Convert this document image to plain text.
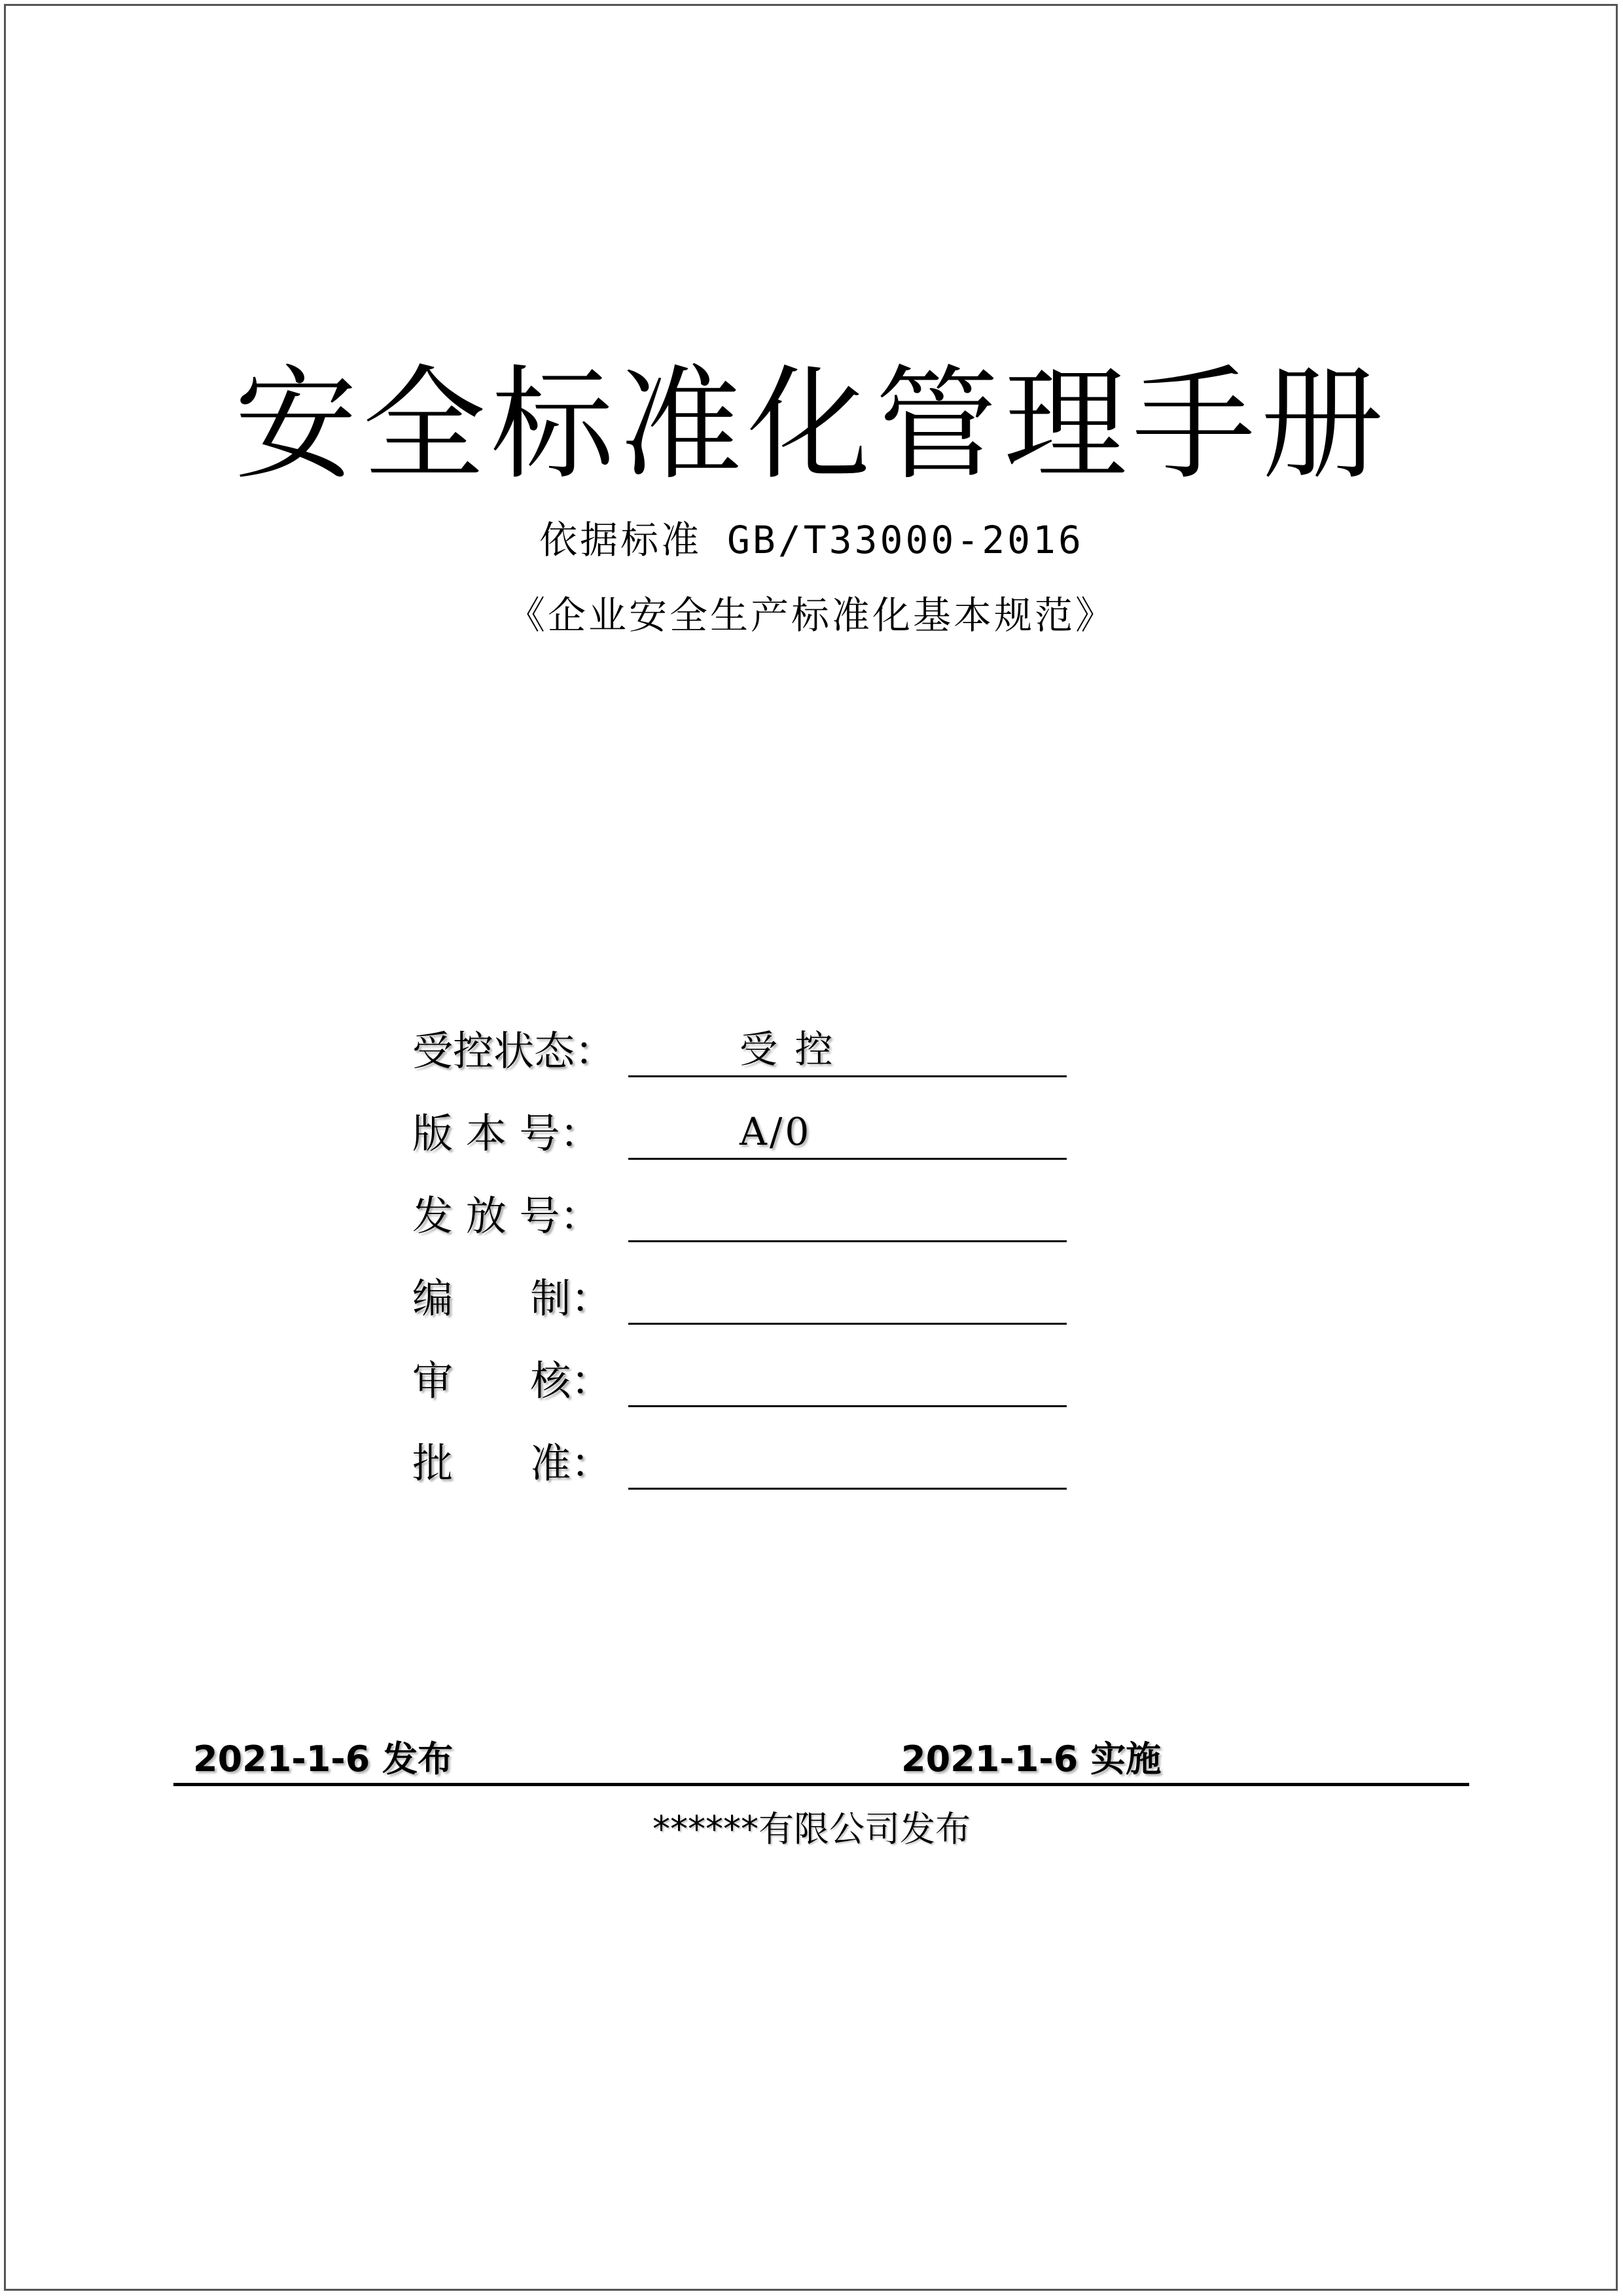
安全标准化管理手册
依据标准 GB/T33000-2016
《企业安全生产标准化基本规范》
受控状态：	受 控
版 本 号：	A/0
发 放 号：
编      制：
审      核：
批      准：
2021-1-6 发布	2021-1-6 实施
******有限公司发布
